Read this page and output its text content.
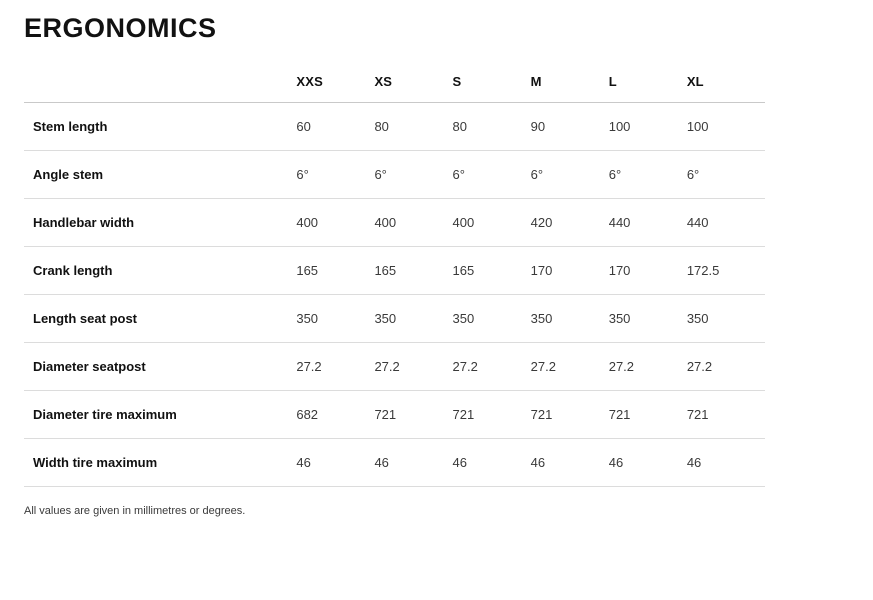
ERGONOMICS
	XXS	XS	S	M	L	XL
Stem length	60	80	80	90	100	100
Angle stem	6°	6°	6°	6°	6°	6°
Handlebar width	400	400	400	420	440	440
Crank length	165	165	165	170	170	172.5
Length seat post	350	350	350	350	350	350
Diameter seatpost	27.2	27.2	27.2	27.2	27.2	27.2
Diameter tire maximum	682	721	721	721	721	721
Width tire maximum	46	46	46	46	46	46
All values are given in millimetres or degrees.
